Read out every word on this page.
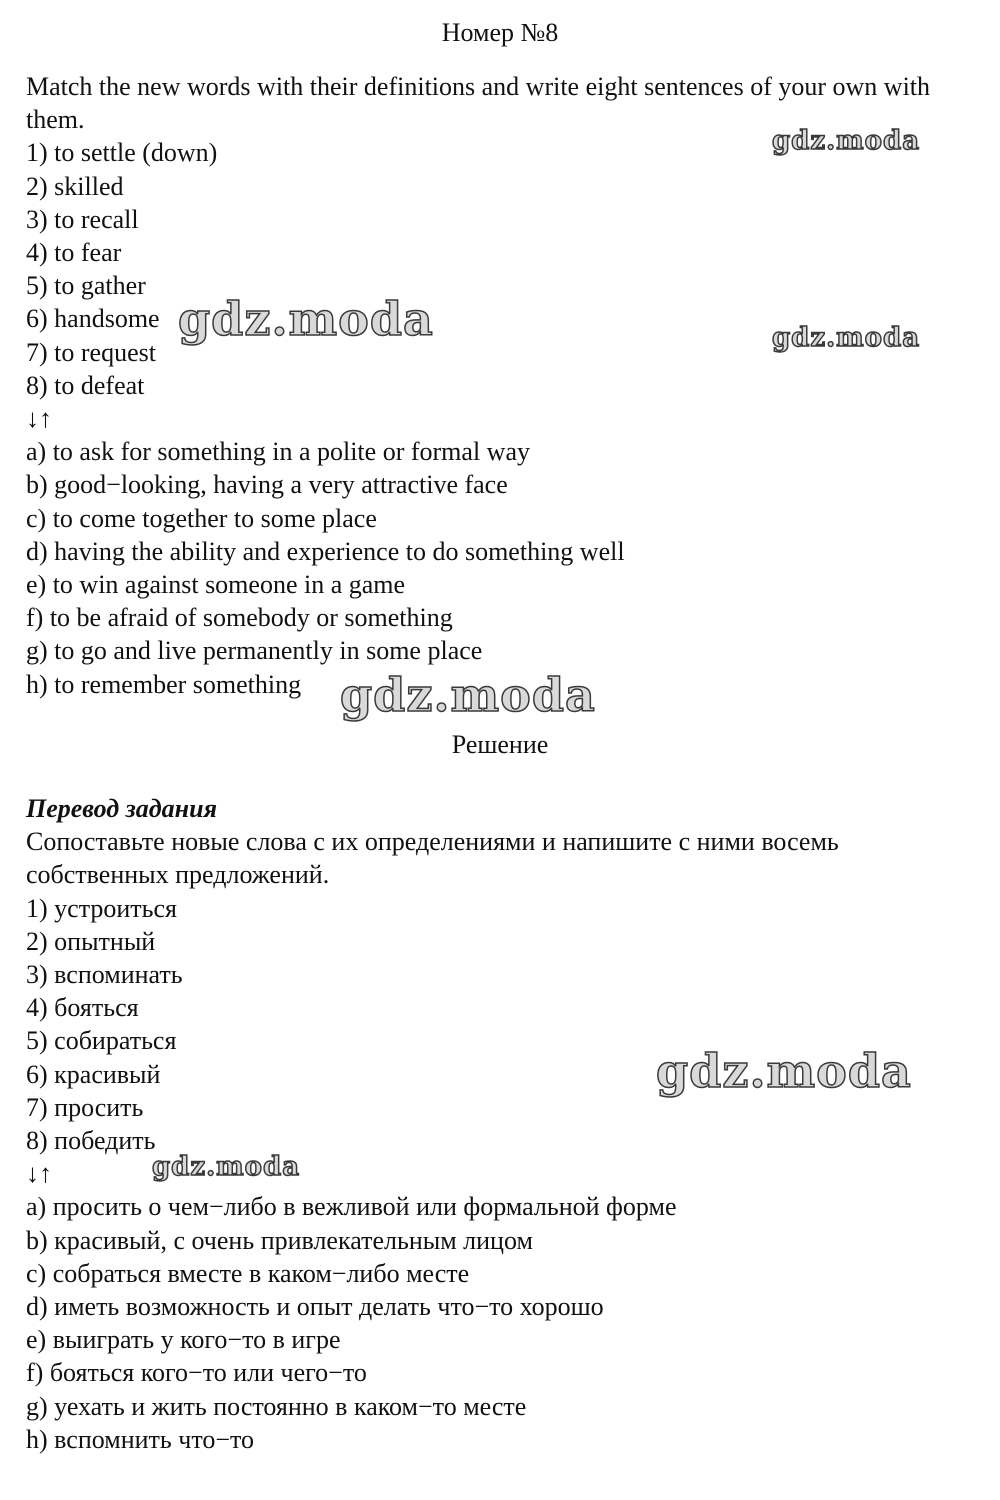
Номер №8
Match the new words with their definitions and write eight sentences of your own with them.
1) to settle (down)
2) skilled
3) to recall
4) to fear
5) to gather
6) handsome
7) to request
8) to defeat
↓↑
a) to ask for something in a polite or formal way
b) good−looking, having a very attractive face
c) to come together to some place
d) having the ability and experience to do something well
e) to win against someone in a game
f) to be afraid of somebody or something
g) to go and live permanently in some place
h) to remember something
Решение
Перевод задания
Сопоставьте новые слова с их определениями и напишите с ними восемь собственных предложений.
1) устроиться
2) опытный
3) вспоминать
4) бояться
5) собираться
6) красивый
7) просить
8) победить
↓↑
a) просить о чем−либо в вежливой или формальной форме
b) красивый, с очень привлекательным лицом
c) собраться вместе в каком−либо месте
d) иметь возможность и опыт делать что−то хорошо
e) выиграть у кого−то в игре
f) бояться кого−то или чего−то
g) уехать и жить постоянно в каком−то месте
h) вспомнить что−то
gdz.moda
gdz.moda	gdz.moda
gdz.moda
gdz.moda
gdz.moda
